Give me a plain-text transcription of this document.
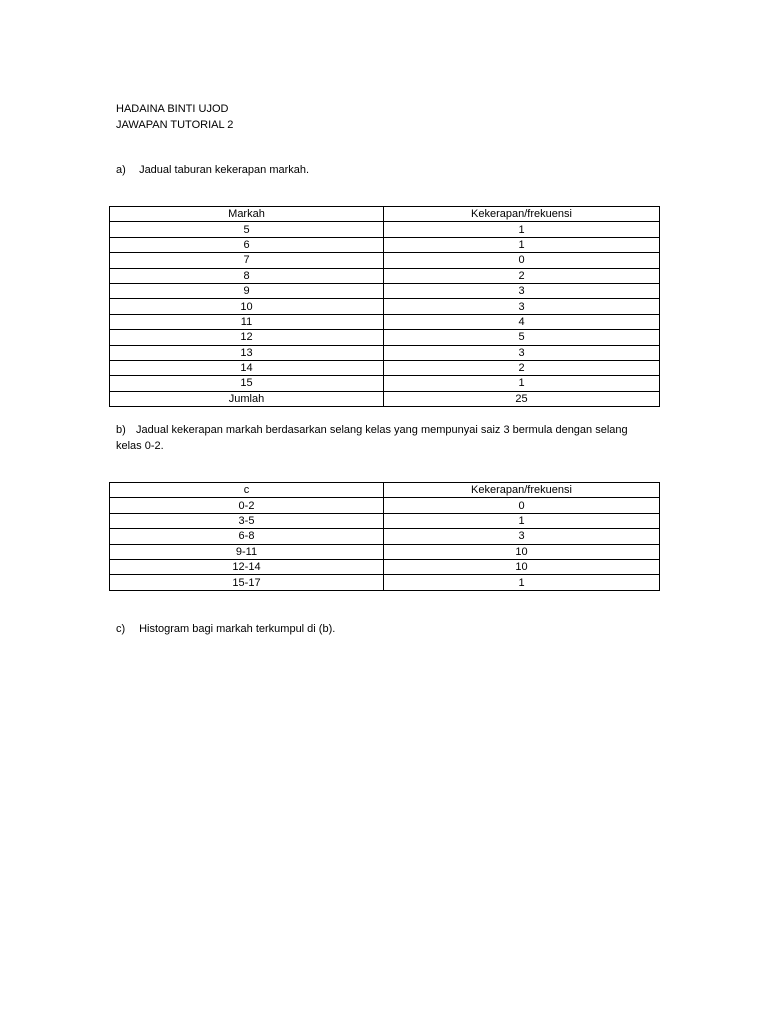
HADAINA BINTI UJOD
JAWAPAN TUTORIAL 2
a) Jadual taburan kekerapan markah.
Markah	Kekerapan/frekuensi
5	1
6	1
7	0
8	2
9	3
10	3
11	4
12	5
13	3
14	2
15	1
Jumlah	25
b) Jadual kekerapan markah berdasarkan selang kelas yang mempunyai saiz 3 bermula dengan selang kelas 0-2.
c	Kekerapan/frekuensi
0-2	0
3-5	1
6-8	3
9-11	10
12-14	10
15-17	1
c) Histogram bagi markah terkumpul di (b).
